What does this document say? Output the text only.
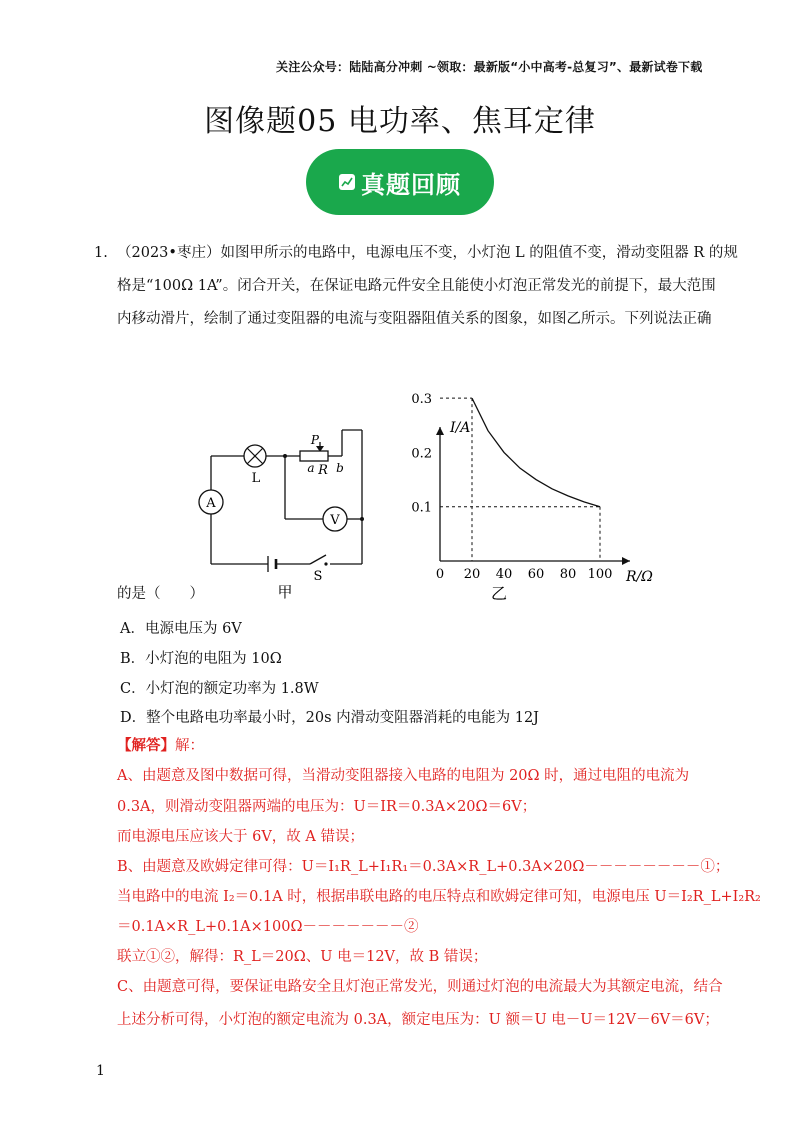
关注公众号：陆陆高分冲刺 ~领取：最新版“小中高考-总复习”、最新试卷下载
图像题05 电功率、焦耳定律
真题回顾
1. （2023•枣庄）如图甲所示的电路中，电源电压不变，小灯泡 L 的阻值不变，滑动变阻器 R 的规
格是“100Ω 1A”。闭合开关，在保证电路元件安全且能使小灯泡正常发光的前提下，最大范围
内移动滑片，绘制了通过变阻器的电流与变阻器阻值关系的图象，如图乙所示。下列说法正确
A
V
L
P
a R b
S
甲
I/A
R/Ω
0 20 40 60 80 100
0.1
0.2
0.3
乙
的是（　　）
A．电源电压为 6V
B．小灯泡的电阻为 10Ω
C．小灯泡的额定功率为 1.8W
D．整个电路电功率最小时，20s 内滑动变阻器消耗的电能为 12J
【解答】解：
A、由题意及图中数据可得，当滑动变阻器接入电路的电阻为 20Ω 时，通过电阻的电流为
0.3A，则滑动变阻器两端的电压为：U＝IR＝0.3A×20Ω＝6V；
而电源电压应该大于 6V，故 A 错误；
B、由题意及欧姆定律可得：U＝I₁R_L+I₁R₁＝0.3A×R_L+0.3A×20Ω－－－－－－－－①；
当电路中的电流 I₂＝0.1A 时，根据串联电路的电压特点和欧姆定律可知，电源电压 U＝I₂R_L+I₂R₂
＝0.1A×R_L+0.1A×100Ω－－－－－－－②
联立①②，解得：R_L＝20Ω、U 电＝12V，故 B 错误；
C、由题意可得，要保证电路安全且灯泡正常发光，则通过灯泡的电流最大为其额定电流，结合
上述分析可得，小灯泡的额定电流为 0.3A，额定电压为：U 额＝U 电－U＝12V－6V＝6V；
1
